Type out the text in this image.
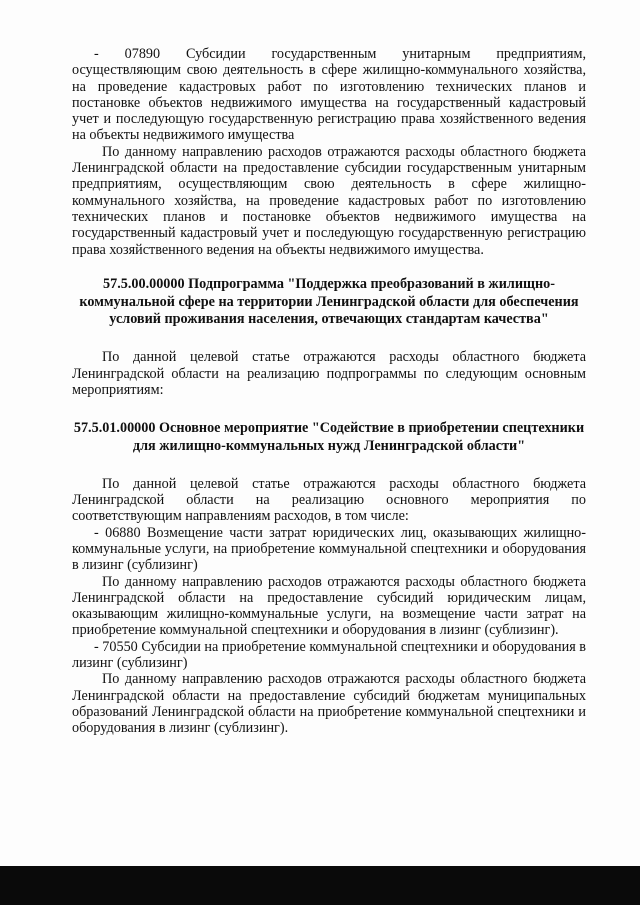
- 07890 Субсидии государственным унитарным предприятиям, осуществляющим свою деятельность в сфере жилищно-коммунального хозяйства, на проведение кадастровых работ по изготовлению технических планов и постановке объектов недвижимого имущества на государственный кадастровый учет и последующую государственную регистрацию права хозяйственного ведения на объекты недвижимого имущества

По данному направлению расходов отражаются расходы областного бюджета Ленинградской области на предоставление субсидии государственным унитарным предприятиям, осуществляющим свою деятельность в сфере жилищно-коммунального хозяйства, на проведение кадастровых работ по изготовлению технических планов и постановке объектов недвижимого имущества на государственный кадастровый учет и последующую государственную регистрацию права хозяйственного ведения на объекты недвижимого имущества.

57.5.00.00000 Подпрограмма "Поддержка преобразований в жилищно-коммунальной сфере на территории Ленинградской области для обеспечения условий проживания населения, отвечающих стандартам качества"

По данной целевой статье отражаются расходы областного бюджета Ленинградской области на реализацию подпрограммы по следующим основным мероприятиям:

57.5.01.00000 Основное мероприятие "Содействие в приобретении спецтехники для жилищно-коммунальных нужд Ленинградской области"

По данной целевой статье отражаются расходы областного бюджета Ленинградской области на реализацию основного мероприятия по соответствующим направлениям расходов, в том числе:

- 06880 Возмещение части затрат юридических лиц, оказывающих жилищно-коммунальные услуги, на приобретение коммунальной спецтехники и оборудования в лизинг (сублизинг)

По данному направлению расходов отражаются расходы областного бюджета Ленинградской области на предоставление субсидий юридическим лицам, оказывающим жилищно-коммунальные услуги, на возмещение части затрат на приобретение коммунальной спецтехники и оборудования в лизинг (сублизинг).

- 70550 Субсидии на приобретение коммунальной спецтехники и оборудования в лизинг (сублизинг)

По данному направлению расходов отражаются расходы областного бюджета Ленинградской области на предоставление субсидий бюджетам муниципальных образований Ленинградской области на приобретение коммунальной спецтехники и оборудования в лизинг (сублизинг).
